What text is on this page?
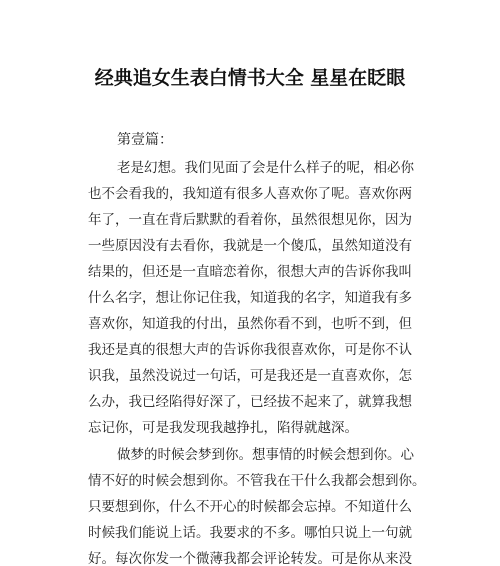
经典追女生表白情书大全 星星在眨眼
第壹篇：
老是幻想。我们见面了会是什么样子的呢，相必你
也不会看我的，我知道有很多人喜欢你了呢。喜欢你两
年了，一直在背后默默的看着你，虽然很想见你，因为
一些原因没有去看你，我就是一个傻瓜，虽然知道没有
结果的，但还是一直暗恋着你，很想大声的告诉你我叫
什么名字，想让你记住我，知道我的名字，知道我有多
喜欢你，知道我的付出，虽然你看不到，也听不到，但
我还是真的很想大声的告诉你我很喜欢你，可是你不认
识我，虽然没说过一句话，可是我还是一直喜欢你，怎
么办，我已经陷得好深了，已经拔不起来了，就算我想
忘记你，可是我发现我越挣扎，陷得就越深。
做梦的时候会梦到你。想事情的时候会想到你。心
情不好的时候会想到你。不管我在干什么我都会想到你。
只要想到你，什么不开心的时候都会忘掉。不知道什么
时候我们能说上话。我要求的不多。哪怕只说上一句就
好。每次你发一个微薄我都会评论转发。可是你从来没
